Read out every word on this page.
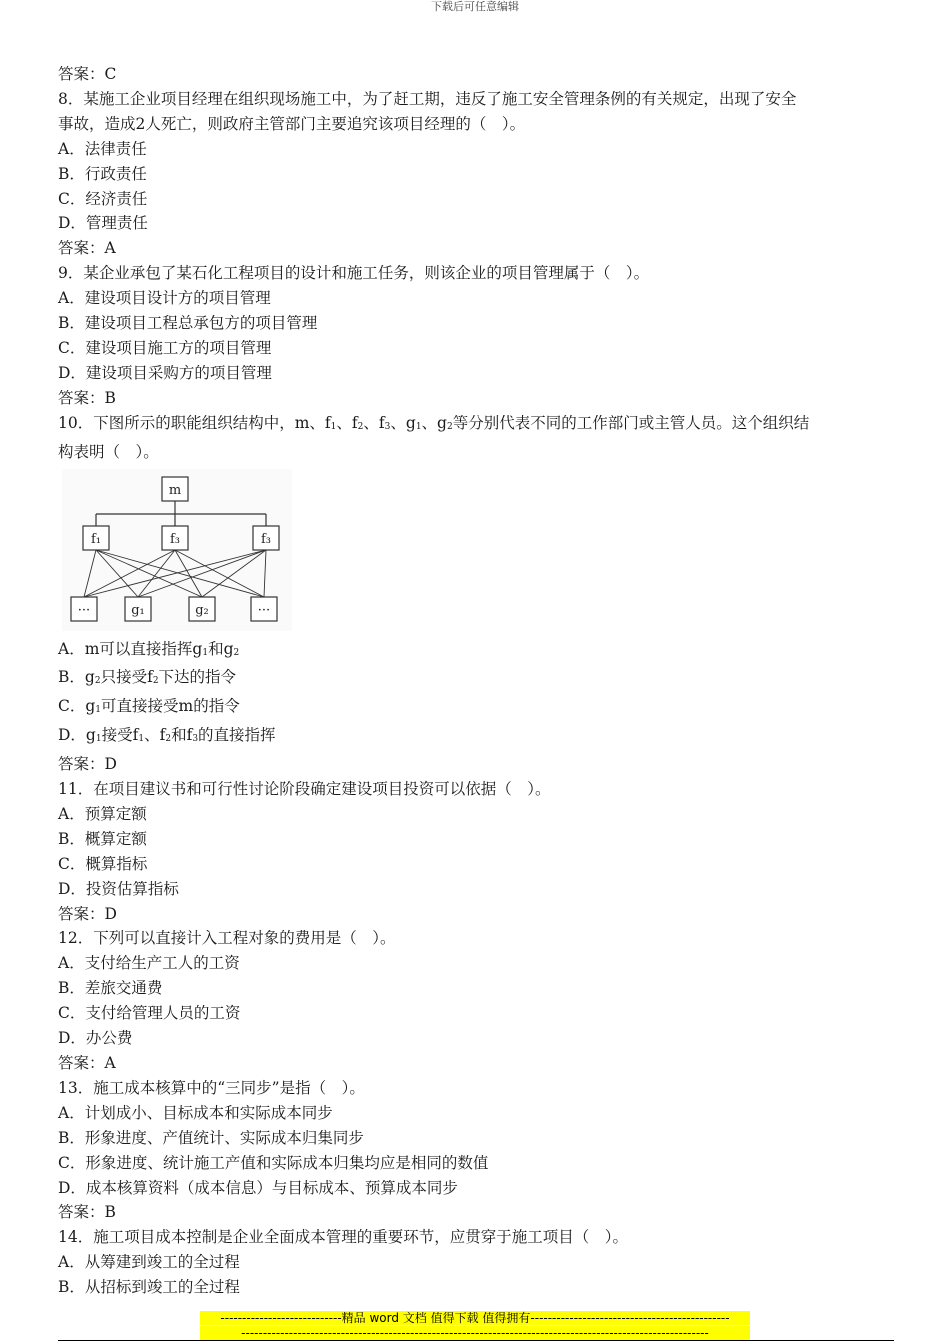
下载后可任意编辑
答案：C
8．某施工企业项目经理在组织现场施工中，为了赶工期，违反了施工安全管理条例的有关规定，出现了安全
事故，造成2人死亡，则政府主管部门主要追究该项目经理的（　）。
A．法律责任
B．行政责任
C．经济责任
D．管理责任
答案：A
9．某企业承包了某石化工程项目的设计和施工任务，则该企业的项目管理属于（　）。
A．建设项目设计方的项目管理
B．建设项目工程总承包方的项目管理
C．建设项目施工方的项目管理
D．建设项目采购方的项目管理
答案：B
10．下图所示的职能组织结构中，m、$f_1$、$f_2$、$f_3$、$g_1$、$g_2$等分别代表不同的工作部门或主管人员。这个组织结
构表明（　）。
m
f₁	f₃	f₃
···	g₁	g₂	···
A．m可以直接指挥$g_1$和$g_2$
B．$g_2$只接受$f_2$下达的指令
C．$g_1$可直接接受m的指令
D．$g_1$接受$f_1$、$f_2$和$f_3$的直接指挥
答案：D
11．在项目建议书和可行性讨论阶段确定建设项目投资可以依据（　）。
A．预算定额
B．概算定额
C．概算指标
D．投资估算指标
答案：D
12．下列可以直接计入工程对象的费用是（　）。
A．支付给生产工人的工资
B．差旅交通费
C．支付给管理人员的工资
D．办公费
答案：A
13．施工成本核算中的“三同步”是指（　）。
A．计划成小、目标成本和实际成本同步
B．形象进度、产值统计、实际成本归集同步
C．形象进度、统计施工产值和实际成本归集均应是相同的数值
D．成本核算资料（成本信息）与目标成本、预算成本同步
答案：B
14．施工项目成本控制是企业全面成本管理的重要环节，应贯穿于施工项目（　）。
A．从筹建到竣工的全过程
B．从招标到竣工的全过程
----------------------------精品 word 文档 值得下载 值得拥有----------------------------------------------
------------------------------------------------------------------------------------------------------------
